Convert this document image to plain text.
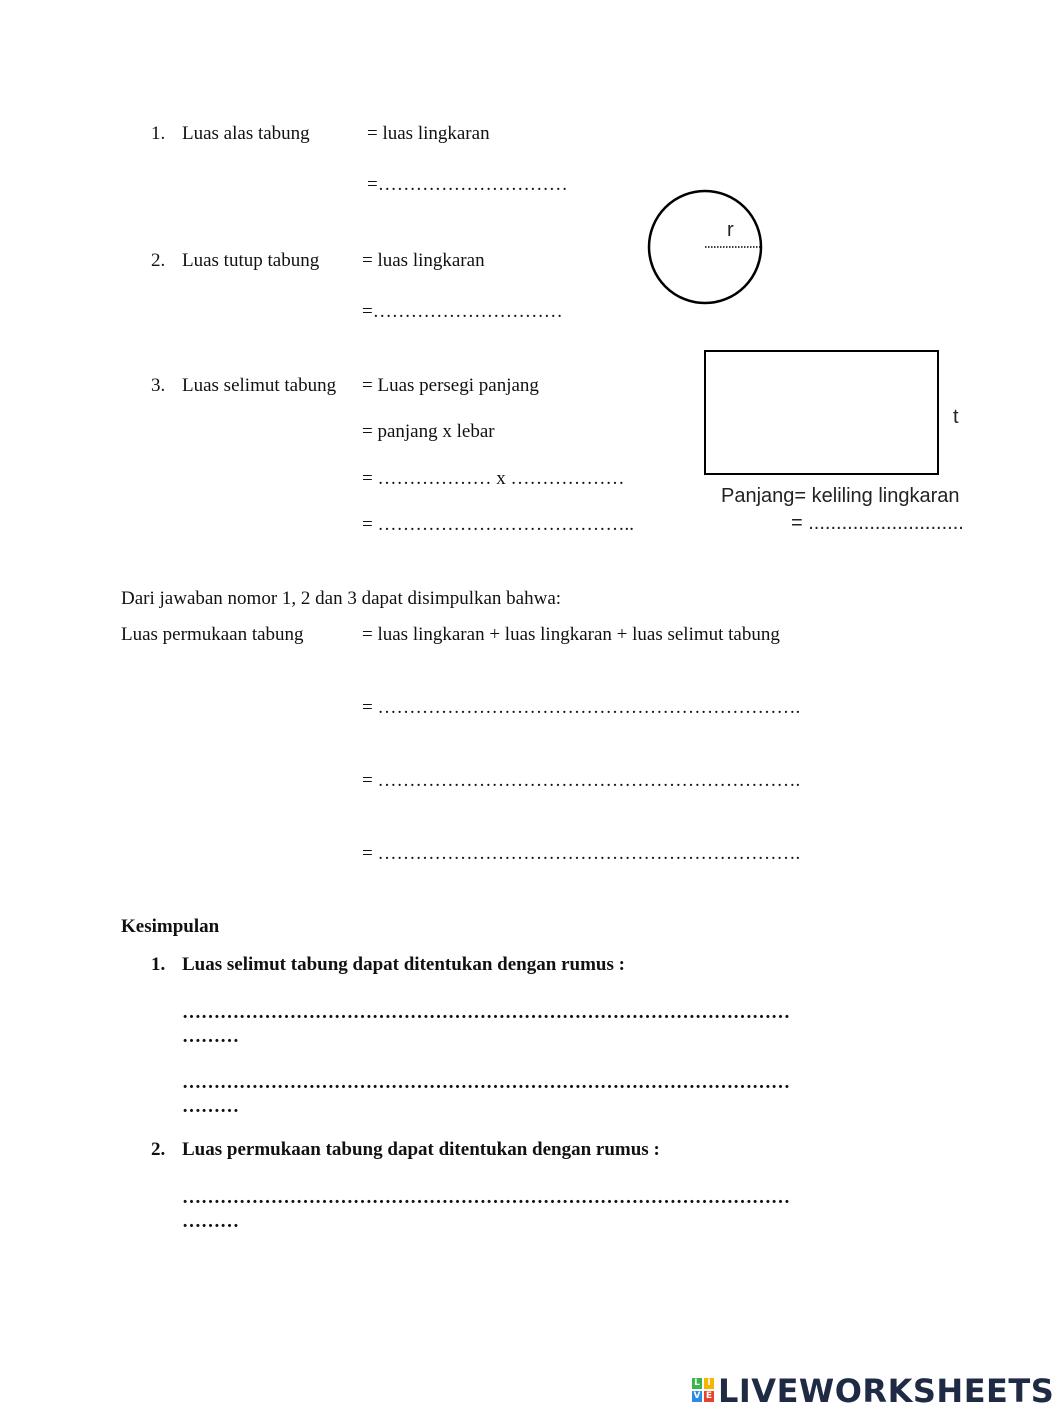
1. Luas alas tabung	= luas lingkaran
=…………………………
2. Luas tutup tabung = luas lingkaran
=…………………………
r
3. Luas selimut tabung = Luas persegi panjang
= panjang x lebar
= ……………… x ………………
= …………………………………..
t
Panjang= keliling lingkaran
= ............................
Dari jawaban nomor 1, 2 dan 3 dapat disimpulkan bahwa:
Luas permukaan tabung	= luas lingkaran + luas lingkaran + luas selimut tabung
= ………………………………………………………….
= ………………………………………………………….
= ………………………………………………………….
Kesimpulan
1. Luas selimut tabung dapat ditentukan dengan rumus :
……………………………………………………………………………………
………
……………………………………………………………………………………
………
2. Luas permukaan tabung dapat ditentukan dengan rumus :
……………………………………………………………………………………
………
L I
V E LIVEWORKSHEETS
